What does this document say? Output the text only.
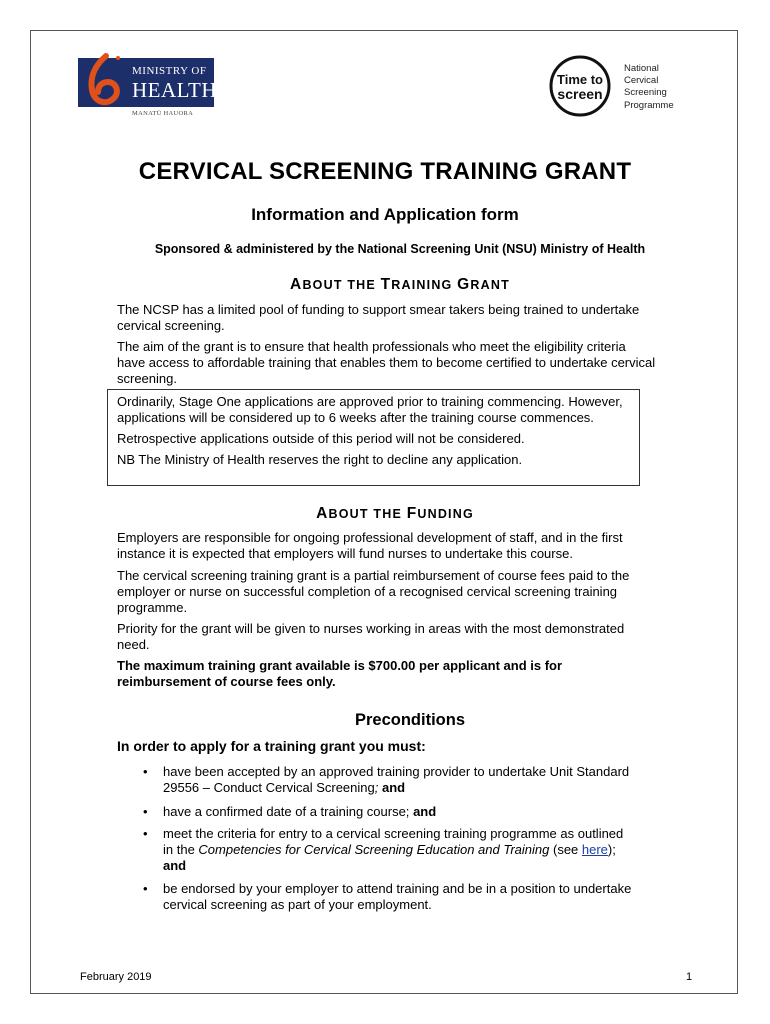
MINISTRY OF
HEALTH
MANATŪ HAUORA
Time to
screen
National
Cervical
Screening
Programme
CERVICAL SCREENING TRAINING GRANT
Information and Application form
Sponsored & administered by the National Screening Unit (NSU) Ministry of Health
ABOUT THE TRAINING GRANT

The NCSP has a limited pool of funding to support smear takers being trained to undertake cervical screening.

The aim of the grant is to ensure that health professionals who meet the eligibility criteria have access to affordable training that enables them to become certified to undertake cervical screening.

Ordinarily, Stage One applications are approved prior to training commencing. However, applications will be considered up to 6 weeks after the training course commences.

Retrospective applications outside of this period will not be considered.

NB The Ministry of Health reserves the right to decline any application.

ABOUT THE FUNDING

Employers are responsible for ongoing professional development of staff, and in the first instance it is expected that employers will fund nurses to undertake this course.

The cervical screening training grant is a partial reimbursement of course fees paid to the employer or nurse on successful completion of a recognised cervical screening training programme.

Priority for the grant will be given to nurses working in areas with the most demonstrated need.

The maximum training grant available is $700.00 per applicant and is for reimbursement of course fees only.

Preconditions
In order to apply for a training grant you must:
• have been accepted by an approved training provider to undertake Unit Standard 29556 – Conduct Cervical Screening; and
• have a confirmed date of a training course; and
• meet the criteria for entry to a cervical screening training programme as outlined in the Competencies for Cervical Screening Education and Training (see here); and
• be endorsed by your employer to attend training and be in a position to undertake cervical screening as part of your employment.
February 2019	1
